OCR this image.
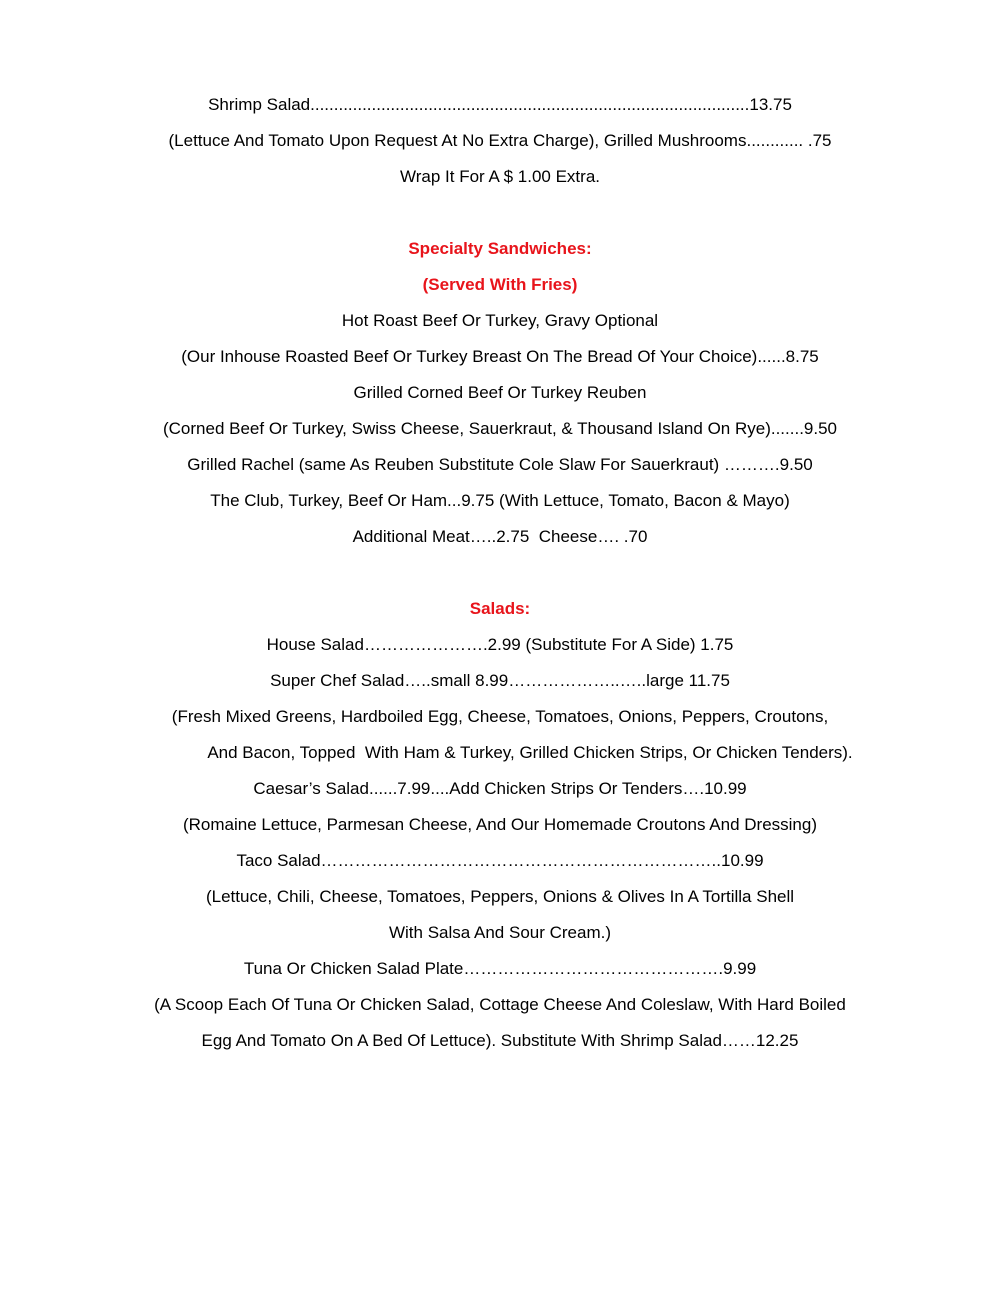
Shrimp Salad.............................................................................................13.75
(Lettuce And Tomato Upon Request At No Extra Charge), Grilled Mushrooms............ .75
Wrap It For A $ 1.00 Extra.
Specialty Sandwiches:
(Served With Fries)
Hot Roast Beef Or Turkey, Gravy Optional
(Our Inhouse Roasted Beef Or Turkey Breast On The Bread Of Your Choice)......8.75
Grilled Corned Beef Or Turkey Reuben
(Corned Beef Or Turkey, Swiss Cheese, Sauerkraut, & Thousand Island On Rye).......9.50
Grilled Rachel (same As Reuben Substitute Cole Slaw For Sauerkraut) ……….9.50
The Club, Turkey, Beef Or Ham...9.75 (With Lettuce, Tomato, Bacon & Mayo)
Additional Meat…..2.75  Cheese…. .70
Salads:
House Salad………………….2.99 (Substitute For A Side) 1.75
Super Chef Salad…..small 8.99………………..…..large 11.75
(Fresh Mixed Greens, Hardboiled Egg, Cheese, Tomatoes, Onions, Peppers, Croutons,
And Bacon, Topped  With Ham & Turkey, Grilled Chicken Strips, Or Chicken Tenders).
Caesar’s Salad......7.99....Add Chicken Strips Or Tenders….10.99
(Romaine Lettuce, Parmesan Cheese, And Our Homemade Croutons And Dressing)
Taco Salad……………………………………………………………..10.99
(Lettuce, Chili, Cheese, Tomatoes, Peppers, Onions & Olives In A Tortilla Shell
With Salsa And Sour Cream.)
Tuna Or Chicken Salad Plate……………………………………….9.99
(A Scoop Each Of Tuna Or Chicken Salad, Cottage Cheese And Coleslaw, With Hard Boiled
Egg And Tomato On A Bed Of Lettuce). Substitute With Shrimp Salad……12.25
